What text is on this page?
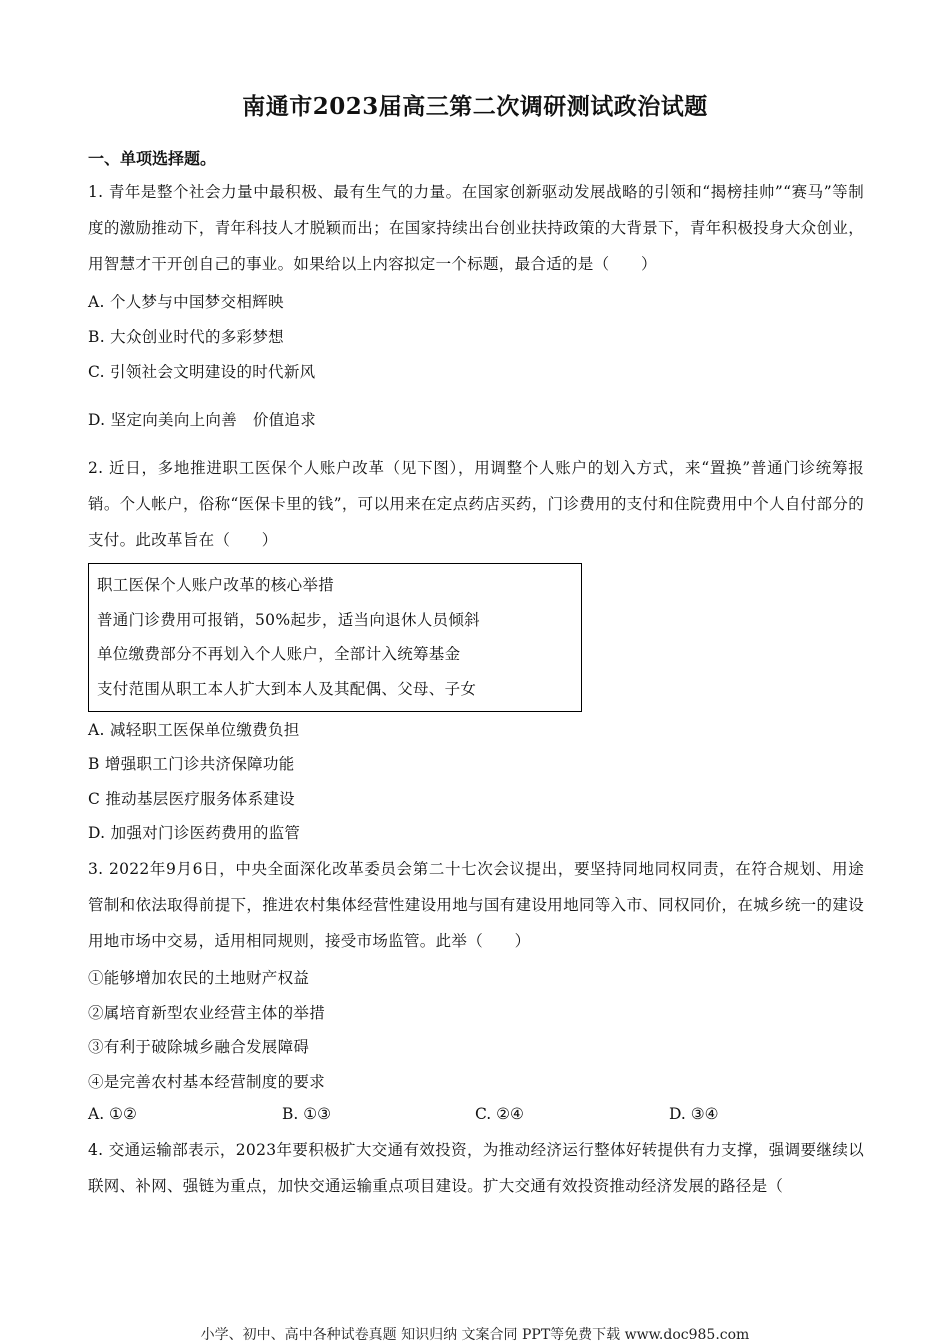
南通市2023届高三第二次调研测试政治试题
一、单项选择题。
1. 青年是整个社会力量中最积极、最有生气的力量。在国家创新驱动发展战略的引领和“揭榜挂帅”“赛马”等制度的激励推动下，青年科技人才脱颖而出；在国家持续出台创业扶持政策的大背景下，青年积极投身大众创业，用智慧才干开创自己的事业。如果给以上内容拟定一个标题，最合适的是（　　）
A. 个人梦与中国梦交相辉映
B. 大众创业时代的多彩梦想
C. 引领社会文明建设的时代新风
D. 坚定向美向上向善　价值追求
2. 近日，多地推进职工医保个人账户改革（见下图），用调整个人账户的划入方式，来“置换”普通门诊统筹报销。个人帐户，俗称“医保卡里的钱”，可以用来在定点药店买药，门诊费用的支付和住院费用中个人自付部分的支付。此改革旨在（　　）
职工医保个人账户改革的核心举措
普通门诊费用可报销，50%起步，适当向退休人员倾斜
单位缴费部分不再划入个人账户，全部计入统筹基金
支付范围从职工本人扩大到本人及其配偶、父母、子女
A. 减轻职工医保单位缴费负担
B 增强职工门诊共济保障功能
C 推动基层医疗服务体系建设
D. 加强对门诊医药费用的监管
3. 2022年9月6日，中央全面深化改革委员会第二十七次会议提出，要坚持同地同权同责，在符合规划、用途管制和依法取得前提下，推进农村集体经营性建设用地与国有建设用地同等入市、同权同价，在城乡统一的建设用地市场中交易，适用相同规则，接受市场监管。此举（　　）
①能够增加农民的土地财产权益
②属培育新型农业经营主体的举措
③有利于破除城乡融合发展障碍
④是完善农村基本经营制度的要求
A. ①②	B. ①③	C. ②④	D. ③④
4. 交通运输部表示，2023年要积极扩大交通有效投资，为推动经济运行整体好转提供有力支撑，强调要继续以联网、补网、强链为重点，加快交通运输重点项目建设。扩大交通有效投资推动经济发展的路径是（
小学、初中、高中各种试卷真题 知识归纳 文案合同 PPT等免费下载 www.doc985.com
